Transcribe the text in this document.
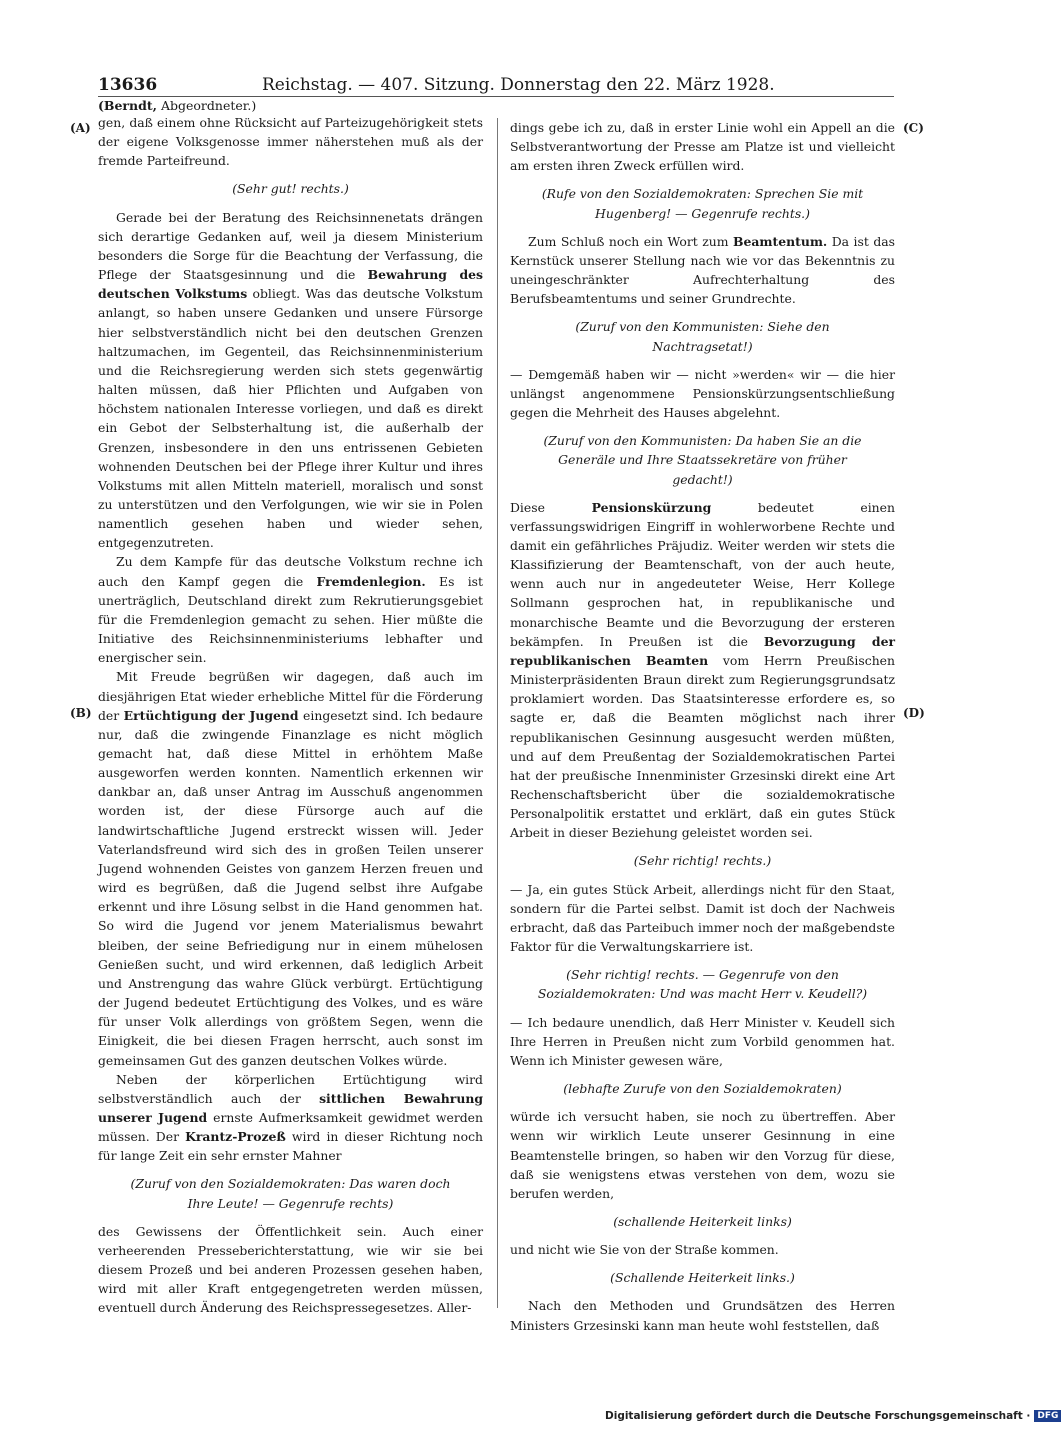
13636	Reichstag. — 407. Sitzung. Donnerstag den 22. März 1928.
(Berndt, Abgeordneter.)
(A)
(B)
(C)
(D)

gen, daß einem ohne Rücksicht auf Parteizugehörigkeit stets der eigene Volksgenosse immer näherstehen muß als der fremde Parteifreund.

(Sehr gut! rechts.)

Gerade bei der Beratung des Reichsinnenetats drängen sich derartige Gedanken auf, weil ja diesem Ministerium besonders die Sorge für die Beachtung der Verfassung, die Pflege der Staatsgesinnung und die Bewahrung des deutschen Volkstums obliegt. Was das deutsche Volkstum anlangt, so haben unsere Gedanken und unsere Fürsorge hier selbstverständlich nicht bei den deutschen Grenzen haltzumachen, im Gegenteil, das Reichsinnenministerium und die Reichsregierung werden sich stets gegenwärtig halten müssen, daß hier Pflichten und Aufgaben von höchstem nationalen Interesse vorliegen, und daß es direkt ein Gebot der Selbsterhaltung ist, die außerhalb der Grenzen, insbesondere in den uns entrissenen Gebieten wohnenden Deutschen bei der Pflege ihrer Kultur und ihres Volkstums mit allen Mitteln materiell, moralisch und sonst zu unterstützen und den Verfolgungen, wie wir sie in Polen namentlich gesehen haben und wieder sehen, entgegenzutreten.

Zu dem Kampfe für das deutsche Volkstum rechne ich auch den Kampf gegen die Fremdenlegion. Es ist unerträglich, Deutschland direkt zum Rekrutierungsgebiet für die Fremdenlegion gemacht zu sehen. Hier müßte die Initiative des Reichsinnenministeriums lebhafter und energischer sein.

Mit Freude begrüßen wir dagegen, daß auch im diesjährigen Etat wieder erhebliche Mittel für die Förderung der Ertüchtigung der Jugend eingesetzt sind. Ich bedaure nur, daß die zwingende Finanzlage es nicht möglich gemacht hat, daß diese Mittel in erhöhtem Maße ausgeworfen werden konnten. Namentlich erkennen wir dankbar an, daß unser Antrag im Ausschuß angenommen worden ist, der diese Fürsorge auch auf die landwirtschaftliche Jugend erstreckt wissen will. Jeder Vaterlandsfreund wird sich des in großen Teilen unserer Jugend wohnenden Geistes von ganzem Herzen freuen und wird es begrüßen, daß die Jugend selbst ihre Aufgabe erkennt und ihre Lösung selbst in die Hand genommen hat. So wird die Jugend vor jenem Materialismus bewahrt bleiben, der seine Befriedigung nur in einem mühelosen Genießen sucht, und wird erkennen, daß lediglich Arbeit und Anstrengung das wahre Glück verbürgt. Ertüchtigung der Jugend bedeutet Ertüchtigung des Volkes, und es wäre für unser Volk allerdings von größtem Segen, wenn die Einigkeit, die bei diesen Fragen herrscht, auch sonst im gemeinsamen Gut des ganzen deutschen Volkes würde.

Neben der körperlichen Ertüchtigung wird selbstverständlich auch der sittlichen Bewahrung unserer Jugend ernste Aufmerksamkeit gewidmet werden müssen. Der Krantz-Prozeß wird in dieser Richtung noch für lange Zeit ein sehr ernster Mahner

(Zuruf von den Sozialdemokraten: Das waren doch Ihre Leute! — Gegenrufe rechts)

des Gewissens der Öffentlichkeit sein. Auch einer verheerenden Presseberichterstattung, wie wir sie bei diesem Prozeß und bei anderen Prozessen gesehen haben, wird mit aller Kraft entgegengetreten werden müssen, eventuell durch Änderung des Reichspressegesetzes. Aller-

dings gebe ich zu, daß in erster Linie wohl ein Appell an die Selbstverantwortung der Presse am Platze ist und vielleicht am ersten ihren Zweck erfüllen wird.

(Rufe von den Sozialdemokraten: Sprechen Sie mit Hugenberg! — Gegenrufe rechts.)

Zum Schluß noch ein Wort zum Beamtentum. Da ist das Kernstück unserer Stellung nach wie vor das Bekenntnis zu uneingeschränkter Aufrechterhaltung des Berufsbeamtentums und seiner Grundrechte.

(Zuruf von den Kommunisten: Siehe den Nachtragsetat!)

— Demgemäß haben wir — nicht »werden« wir — die hier unlängst angenommene Pensionskürzungsentschließung gegen die Mehrheit des Hauses abgelehnt.

(Zuruf von den Kommunisten: Da haben Sie an die Generäle und Ihre Staatssekretäre von früher gedacht!)

Diese Pensionskürzung bedeutet einen verfassungswidrigen Eingriff in wohlerworbene Rechte und damit ein gefährliches Präjudiz. Weiter werden wir stets die Klassifizierung der Beamtenschaft, von der auch heute, wenn auch nur in angedeuteter Weise, Herr Kollege Sollmann gesprochen hat, in republikanische und monarchische Beamte und die Bevorzugung der ersteren bekämpfen. In Preußen ist die Bevorzugung der republikanischen Beamten vom Herrn Preußischen Ministerpräsidenten Braun direkt zum Regierungsgrundsatz proklamiert worden. Das Staatsinteresse erfordere es, so sagte er, daß die Beamten möglichst nach ihrer republikanischen Gesinnung ausgesucht werden müßten, und auf dem Preußentag der Sozialdemokratischen Partei hat der preußische Innenminister Grzesinski direkt eine Art Rechenschaftsbericht über die sozialdemokratische Personalpolitik erstattet und erklärt, daß ein gutes Stück Arbeit in dieser Beziehung geleistet worden sei.

(Sehr richtig! rechts.)

— Ja, ein gutes Stück Arbeit, allerdings nicht für den Staat, sondern für die Partei selbst. Damit ist doch der Nachweis erbracht, daß das Parteibuch immer noch der maßgebendste Faktor für die Verwaltungskarriere ist.

(Sehr richtig! rechts. — Gegenrufe von den Sozialdemokraten: Und was macht Herr v. Keudell?)

— Ich bedaure unendlich, daß Herr Minister v. Keudell sich Ihre Herren in Preußen nicht zum Vorbild genommen hat. Wenn ich Minister gewesen wäre,

(lebhafte Zurufe von den Sozialdemokraten)

würde ich versucht haben, sie noch zu übertreffen. Aber wenn wir wirklich Leute unserer Gesinnung in eine Beamtenstelle bringen, so haben wir den Vorzug für diese, daß sie wenigstens etwas verstehen von dem, wozu sie berufen werden,

(schallende Heiterkeit links)

und nicht wie Sie von der Straße kommen.

(Schallende Heiterkeit links.)

Nach den Methoden und Grundsätzen des Herren Ministers Grzesinski kann man heute wohl feststellen, daß

Digitalisierung gefördert durch die Deutsche Forschungsgemeinschaft · DFG
